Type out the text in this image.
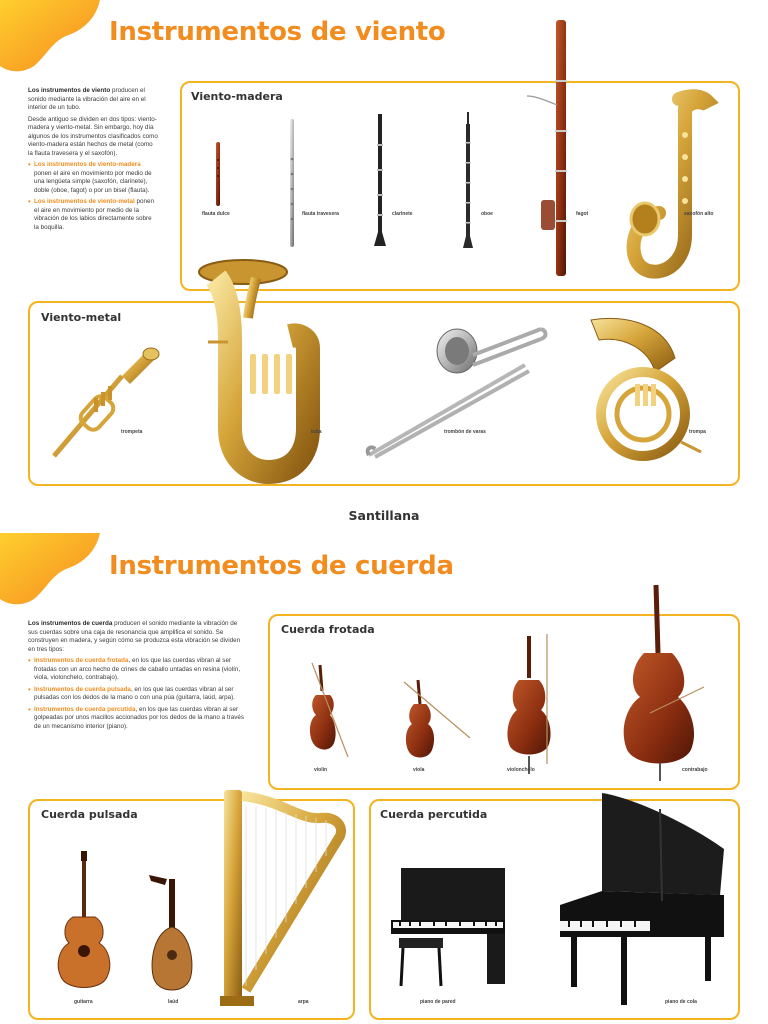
Instrumentos de viento

Los instrumentos de viento producen el sonido mediante la vibración del aire en el interior de un tubo.

Desde antiguo se dividen en dos tipos: viento-madera y viento-metal. Sin embargo, hoy día algunos de los instrumentos clasificados como viento-madera están hechos de metal (como la flauta travesera y el saxofón).

• Los instrumentos de viento-madera ponen el aire en movimiento por medio de una lengüeta simple (saxofón, clarinete), doble (oboe, fagot) o por un bisel (flauta).

• Los instrumentos de viento-metal ponen el aire en movimiento por medio de la vibración de los labios directamente sobre la boquilla.

Viento-madera
flauta dulce	flauta travesera	clarinete	oboe	fagot	saxofón alto
Viento-metal
trompeta	tuba	trombón de varas	trompa
Santillana
Instrumentos de cuerda

Los instrumentos de cuerda producen el sonido mediante la vibración de sus cuerdas sobre una caja de resonancia que amplifica el sonido. Se construyen en madera, y según cómo se produzca esta vibración se dividen en tres tipos:

• Instrumentos de cuerda frotada, en los que las cuerdas vibran al ser frotadas con un arco hecho de crines de caballo untadas en resina (violín, viola, violonchelo, contrabajo).

• Instrumentos de cuerda pulsada, en los que las cuerdas vibran al ser pulsadas con los dedos de la mano o con una púa (guitarra, laúd, arpa).

• Instrumentos de cuerda percutida, en los que las cuerdas vibran al ser golpeadas por unos macillos accionados por los dedos de la mano a través de un mecanismo interior (piano).

Cuerda frotada
violín	viola	violonchelo	contrabajo
Cuerda pulsada
guitarra	laúd	arpa
Cuerda percutida
piano de pared	piano de cola
